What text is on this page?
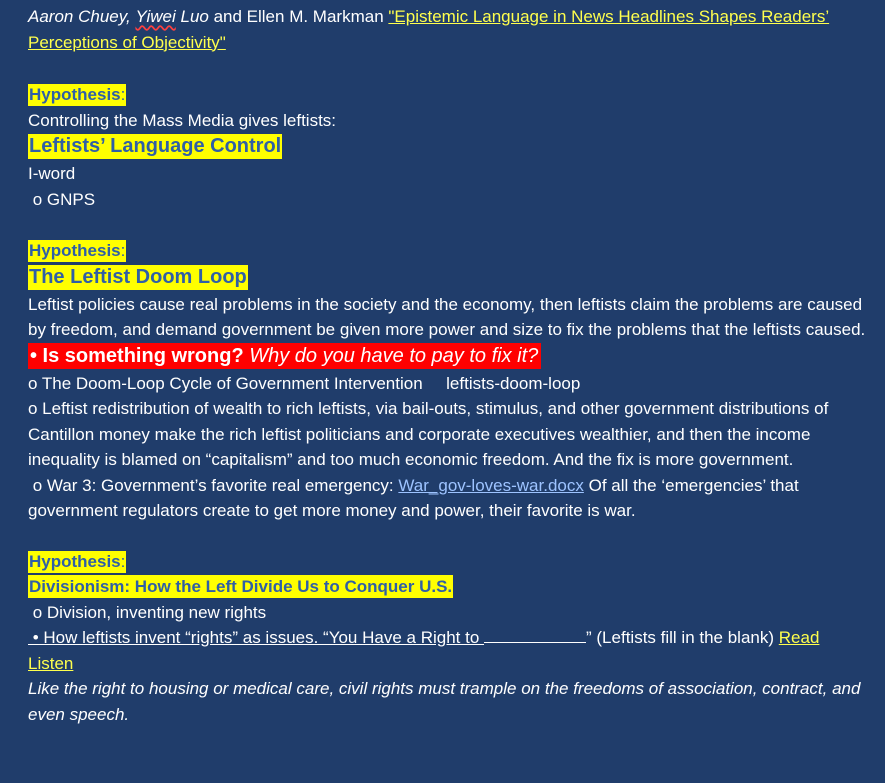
Aaron Chuey, Yiwei Luo and Ellen M. Markman "Epistemic Language in News Headlines Shapes Readers’
Perceptions of Objectivity"
Hypothesis:
Controlling the Mass Media gives leftists:
Leftists’ Language Control
I-word
o GNPS
Hypothesis:
The Leftist Doom Loop
Leftist policies cause real problems in the society and the economy, then leftists claim the problems are caused by freedom, and demand government be given more power and size to fix the problems that the leftists caused.
• Is something wrong? Why do you have to pay to fix it?
o The Doom-Loop Cycle of Government Intervention leftists-doom-loop
o Leftist redistribution of wealth to rich leftists, via bail-outs, stimulus, and other government distributions of Cantillon money make the rich leftist politicians and corporate executives wealthier, and then the income inequality is blamed on “capitalism” and too much economic freedom. And the fix is more government.
o War 3: Government’s favorite real emergency: War_gov-loves-war.docx Of all the ‘emergencies’ that government regulators create to get more money and power, their favorite is war.
Hypothesis:
Divisionism: How the Left Divide Us to Conquer U.S.
o Division, inventing new rights
• How leftists invent “rights” as issues. “You Have a Right to	” (Leftists fill in the blank) Read
Listen
Like the right to housing or medical care, civil rights must trample on the freedoms of association, contract, and even speech.
